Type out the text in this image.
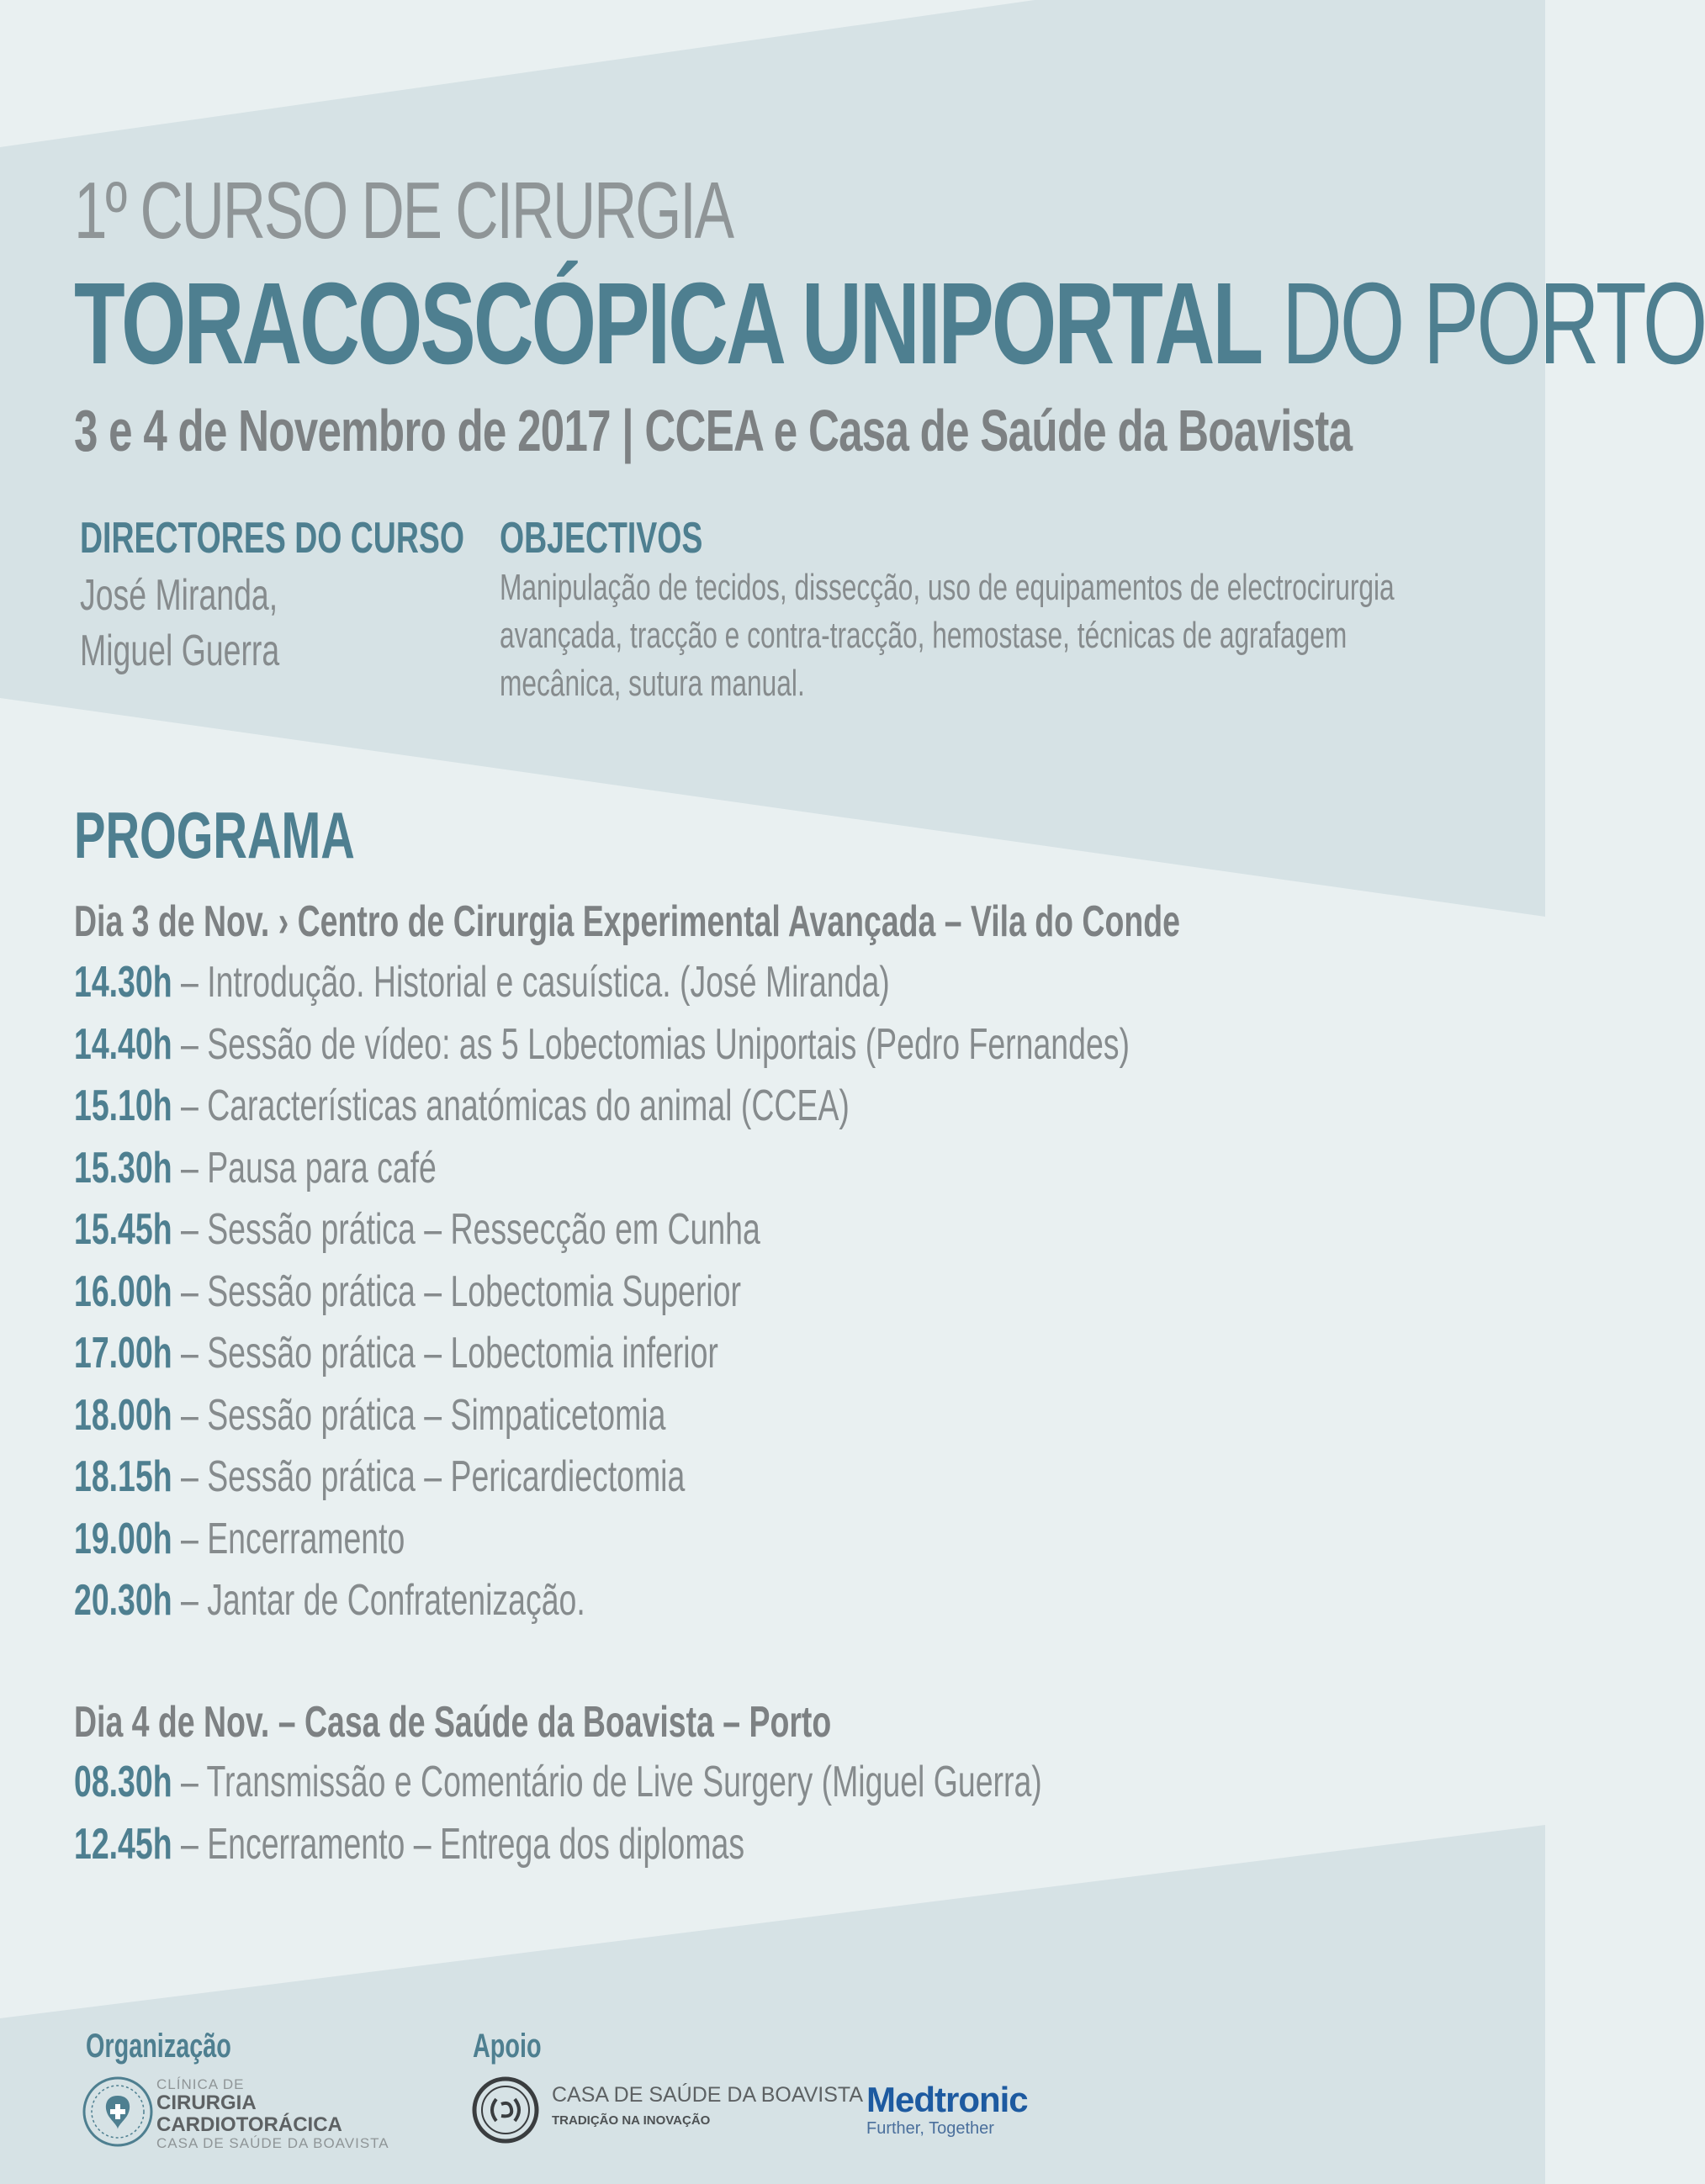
1º CURSO DE CIRURGIA
TORACOSCÓPICA UNIPORTAL DO PORTO
3 e 4 de Novembro de 2017 | CCEA e Casa de Saúde da Boavista
DIRECTORES DO CURSO
José Miranda,
Miguel Guerra
OBJECTIVOS
Manipulação de tecidos, dissecção, uso de equipamentos de electrocirurgia
avançada, tracção e contra-tracção, hemostase, técnicas de agrafagem
mecânica, sutura manual.
PROGRAMA
Dia 3 de Nov. › Centro de Cirurgia Experimental Avançada – Vila do Conde
14.30h – Introdução. Historial e casuística. (José Miranda)
14.40h – Sessão de vídeo: as 5 Lobectomias Uniportais (Pedro Fernandes)
15.10h – Características anatómicas do animal (CCEA)
15.30h – Pausa para café
15.45h – Sessão prática – Ressecção em Cunha
16.00h – Sessão prática – Lobectomia Superior
17.00h – Sessão prática – Lobectomia inferior
18.00h – Sessão prática – Simpaticetomia
18.15h – Sessão prática – Pericardiectomia
19.00h – Encerramento
20.30h – Jantar de Confratenização.
Dia 4 de Nov. – Casa de Saúde da Boavista – Porto
08.30h – Transmissão e Comentário de Live Surgery (Miguel Guerra)
12.45h – Encerramento – Entrega dos diplomas
Organização	Apoio
CLÍNICA DE
CIRURGIA
CARDIOTORÁCICA
CASA DE SAÚDE DA BOAVISTA
CASA DE SAÚDE DA BOAVISTA
TRADIÇÃO NA INOVAÇÃO
Medtronic
Further, Together
